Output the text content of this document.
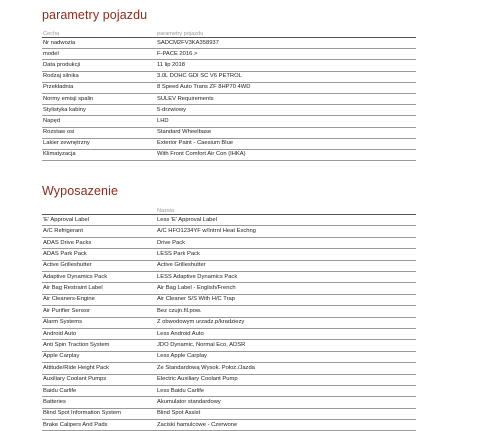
parametry pojazdu
Cecha	parametry pojazdu
Nr nadwozia	SADCM2FV3KA358937
model	F-PACE 2016 >
Data produkcji	11 lip 2018
Rodzaj silnika	3.0L DOHC GDI SC V6 PETROL
Przekładnia	8 Speed Auto Trans ZF 8HP70 4WD
Normy emisji spalin	SULEV Requirements
Stylistyka kabiny	5-drzwiowy
Napęd	LHD
Rozstaw osi	Standard Wheelbase
Lakier zewnętrzny	Exterior Paint - Caesium Blue
Klimatyzacja	With Front Comfort Air Con (IHKA)
Wyposazenie
	Nazwa
'E' Approval Label	Less 'E' Approval Label
A/C Refrigerant	A/C HFO1234YF w/Intrnl Heat Exchng
ADAS Drive Packs	Drive Pack
ADAS Park Pack	LESS Park Pack
Active Grilleshutter	Active Grilleshutter
Adaptive Dynamics Pack	LESS Adaptive Dynamics Pack
Air Bag Restraint Label	Air Bag Label - English/French
Air Cleaners-Engine	Air Cleaner S/S With H/C Trap
Air Purifier Sensor	Bez czujn.fil.pow.
Alarm Systems	Z obwodowym urzadz.p/kradziezy
Android Auto	Less Android Auto
Anti Spin Traction System	JDO Dynamic, Normal Eco, ADSR
Apple Carplay	Less Apple Carplay
Attitude/Ride Height Pack	Ze Standardową Wysok. Położ./Jazda
Auxiliary Coolant Pumps	Electric Auxiliary Coolant Pump
Baidu Carlife	Less Baidu Carlife
Batteries	Akumulator standardowy
Blind Spot Information System	Blind Spot Assist
Brake Calipers And Pads	Zaciski hamulcowe - Czerwone
